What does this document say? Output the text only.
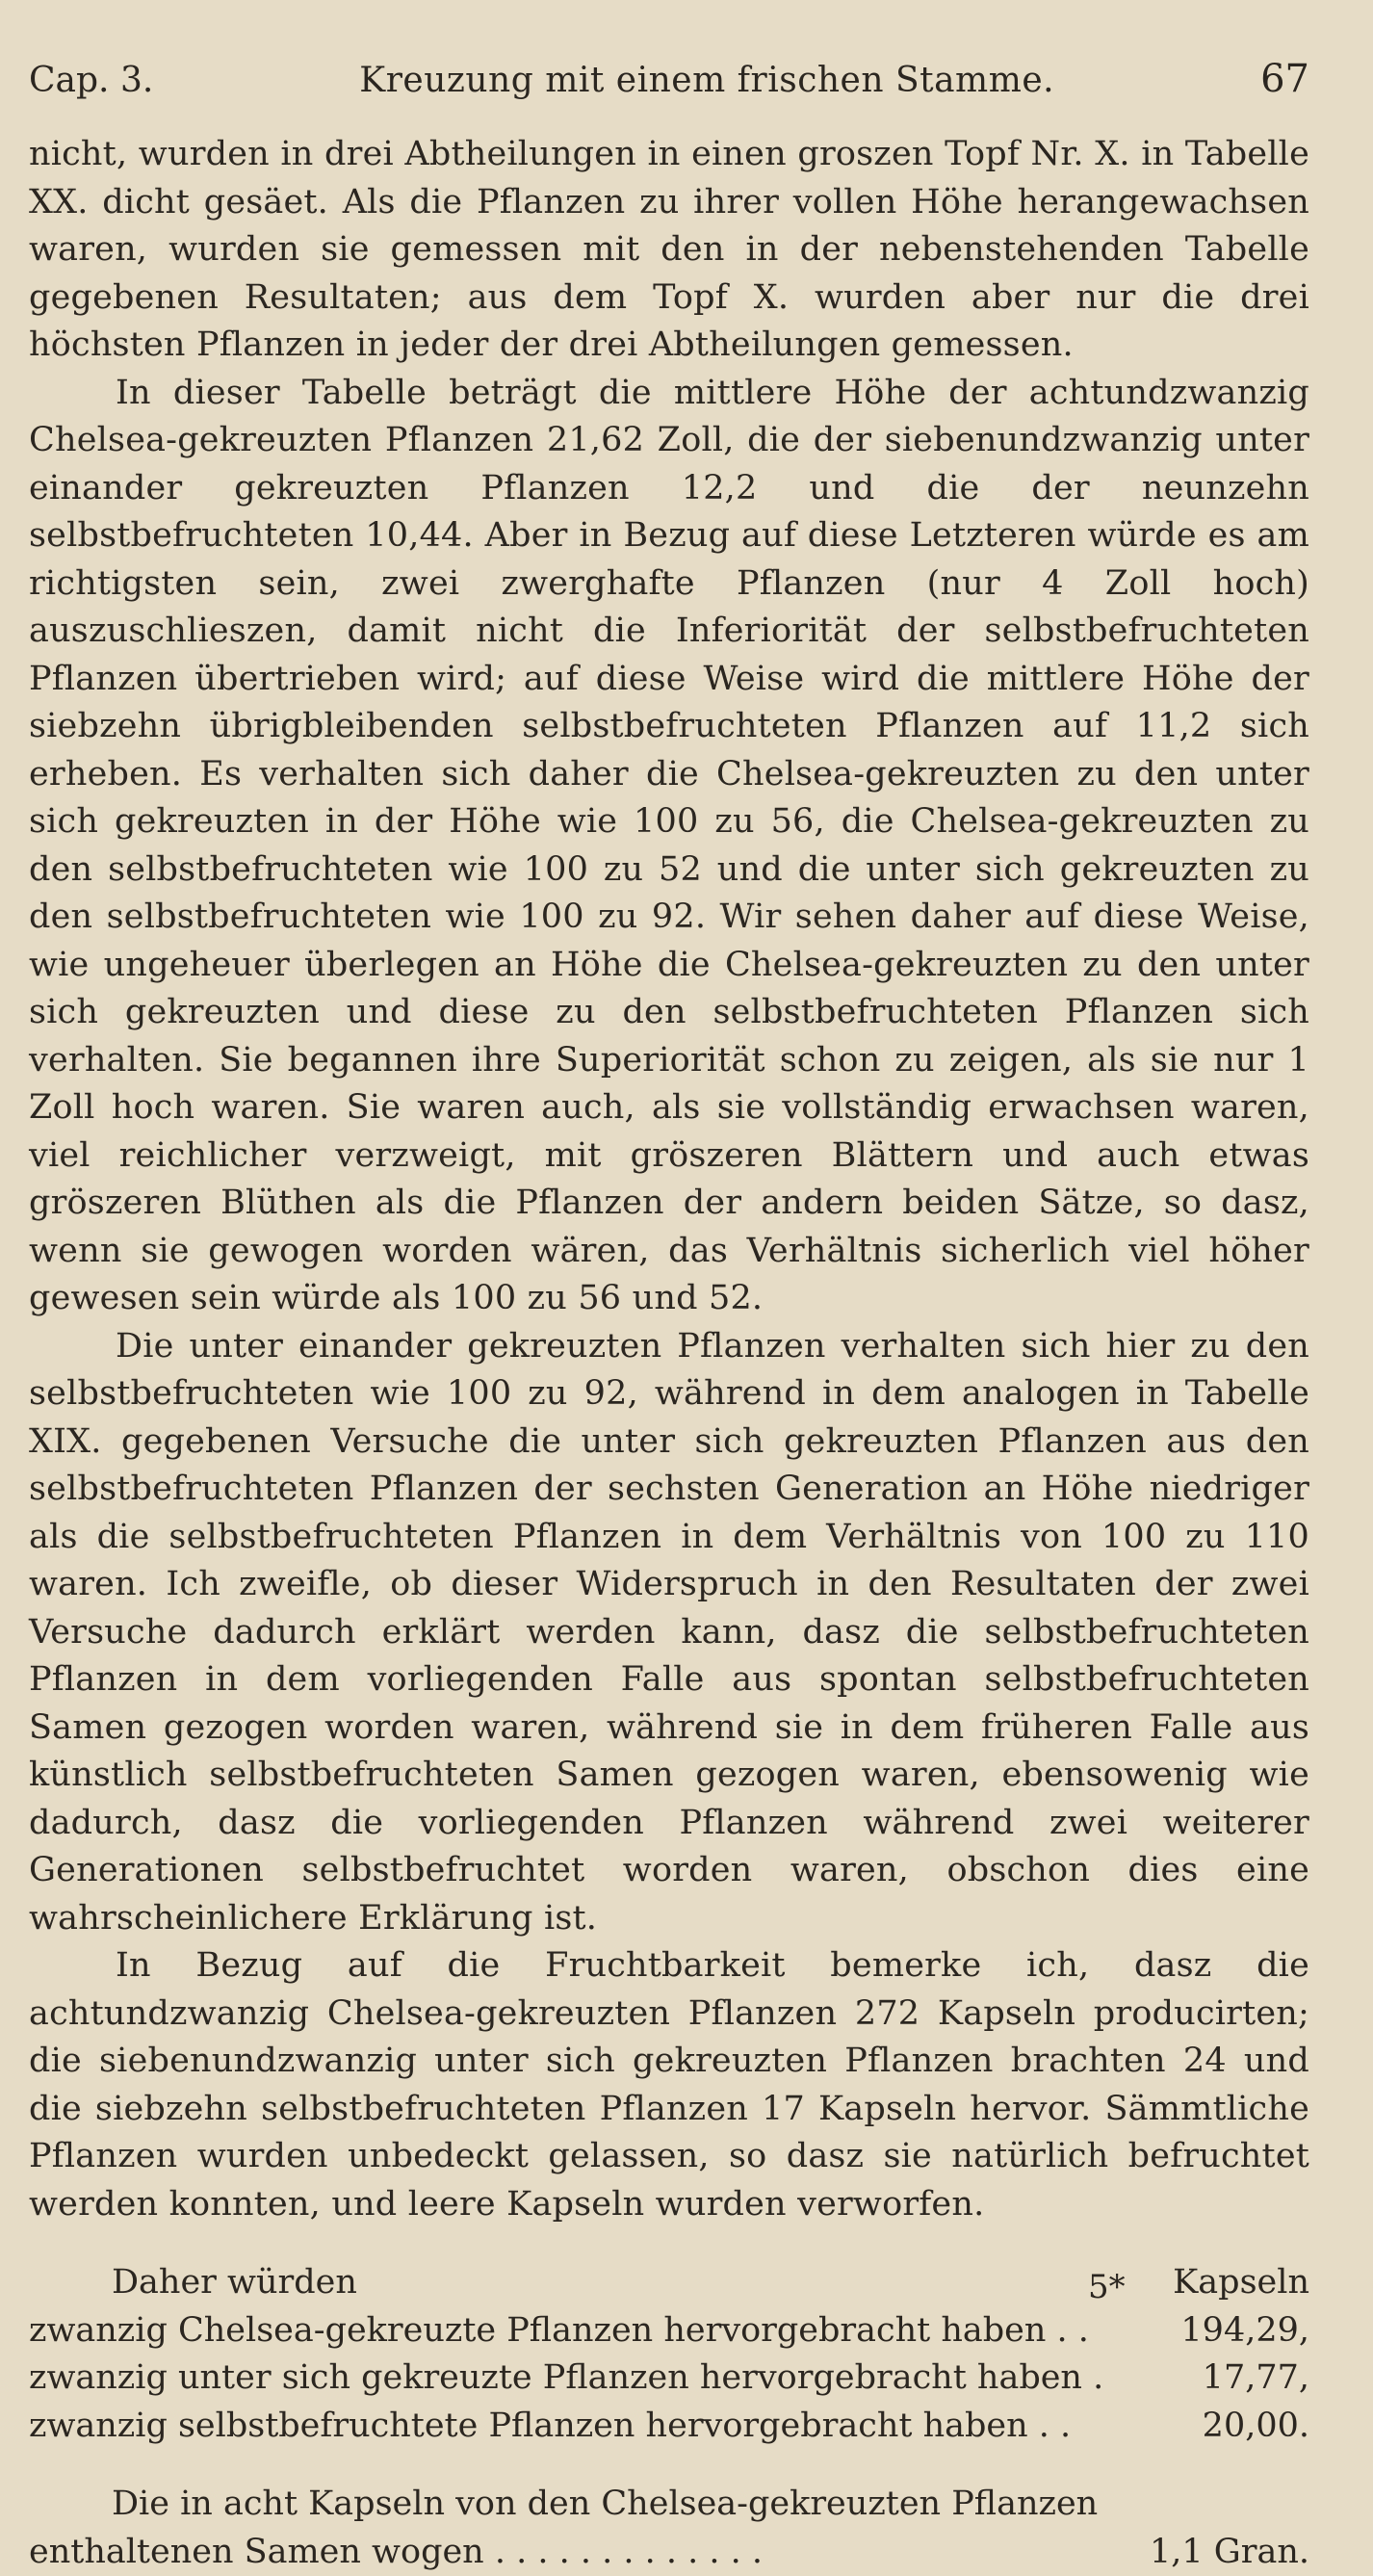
Cap. 3.	Kreuzung mit einem frischen Stamme.	67

nicht, wurden in drei Abtheilungen in einen groszen Topf Nr. X. in Tabelle XX. dicht gesäet. Als die Pflanzen zu ihrer vollen Höhe herangewachsen waren, wurden sie gemessen mit den in der nebenstehenden Tabelle gegebenen Resultaten; aus dem Topf X. wurden aber nur die drei höchsten Pflanzen in jeder der drei Abtheilungen gemessen.

In dieser Tabelle beträgt die mittlere Höhe der achtundzwanzig Chelsea-gekreuzten Pflanzen 21,62 Zoll, die der siebenundzwanzig unter einander gekreuzten Pflanzen 12,2 und die der neunzehn selbstbefruchteten 10,44. Aber in Bezug auf diese Letzteren würde es am richtigsten sein, zwei zwerghafte Pflanzen (nur 4 Zoll hoch) auszuschlieszen, damit nicht die Inferiorität der selbstbefruchteten Pflanzen übertrieben wird; auf diese Weise wird die mittlere Höhe der siebzehn übrigbleibenden selbstbefruchteten Pflanzen auf 11,2 sich erheben. Es verhalten sich daher die Chelsea-gekreuzten zu den unter sich gekreuzten in der Höhe wie 100 zu 56, die Chelsea-gekreuzten zu den selbstbefruchteten wie 100 zu 52 und die unter sich gekreuzten zu den selbstbefruchteten wie 100 zu 92. Wir sehen daher auf diese Weise, wie ungeheuer überlegen an Höhe die Chelsea-gekreuzten zu den unter sich gekreuzten und diese zu den selbstbefruchteten Pflanzen sich verhalten. Sie begannen ihre Superiorität schon zu zeigen, als sie nur 1 Zoll hoch waren. Sie waren auch, als sie vollständig erwachsen waren, viel reichlicher verzweigt, mit gröszeren Blättern und auch etwas gröszeren Blüthen als die Pflanzen der andern beiden Sätze, so dasz, wenn sie gewogen worden wären, das Verhältnis sicherlich viel höher gewesen sein würde als 100 zu 56 und 52.

Die unter einander gekreuzten Pflanzen verhalten sich hier zu den selbstbefruchteten wie 100 zu 92, während in dem analogen in Tabelle XIX. gegebenen Versuche die unter sich gekreuzten Pflanzen aus den selbstbefruchteten Pflanzen der sechsten Generation an Höhe niedriger als die selbstbefruchteten Pflanzen in dem Verhältnis von 100 zu 110 waren. Ich zweifle, ob dieser Widerspruch in den Resultaten der zwei Versuche dadurch erklärt werden kann, dasz die selbstbefruchteten Pflanzen in dem vorliegenden Falle aus spontan selbstbefruchteten Samen gezogen worden waren, während sie in dem früheren Falle aus künstlich selbstbefruchteten Samen gezogen waren, ebensowenig wie dadurch, dasz die vorliegenden Pflanzen während zwei weiterer Generationen selbstbefruchtet worden waren, obschon dies eine wahrscheinlichere Erklärung ist.

In Bezug auf die Fruchtbarkeit bemerke ich, dasz die achtundzwanzig Chelsea-gekreuzten Pflanzen 272 Kapseln producirten; die siebenundzwanzig unter sich gekreuzten Pflanzen brachten 24 und die siebzehn selbstbefruchteten Pflanzen 17 Kapseln hervor. Sämmtliche Pflanzen wurden unbedeckt gelassen, so dasz sie natürlich befruchtet werden konnten, und leere Kapseln wurden verworfen.

Daher würden	Kapseln
zwanzig Chelsea-gekreuzte Pflanzen hervorgebracht haben . .	194,29,
zwanzig unter sich gekreuzte Pflanzen hervorgebracht haben .	17,77,
zwanzig selbstbefruchtete Pflanzen hervorgebracht haben . .	20,00.
Die in acht Kapseln von den Chelsea-gekreuzten Pflanzen
enthaltenen Samen wogen . . . . . . . . . . . . .	1,1 Gran.
5*
